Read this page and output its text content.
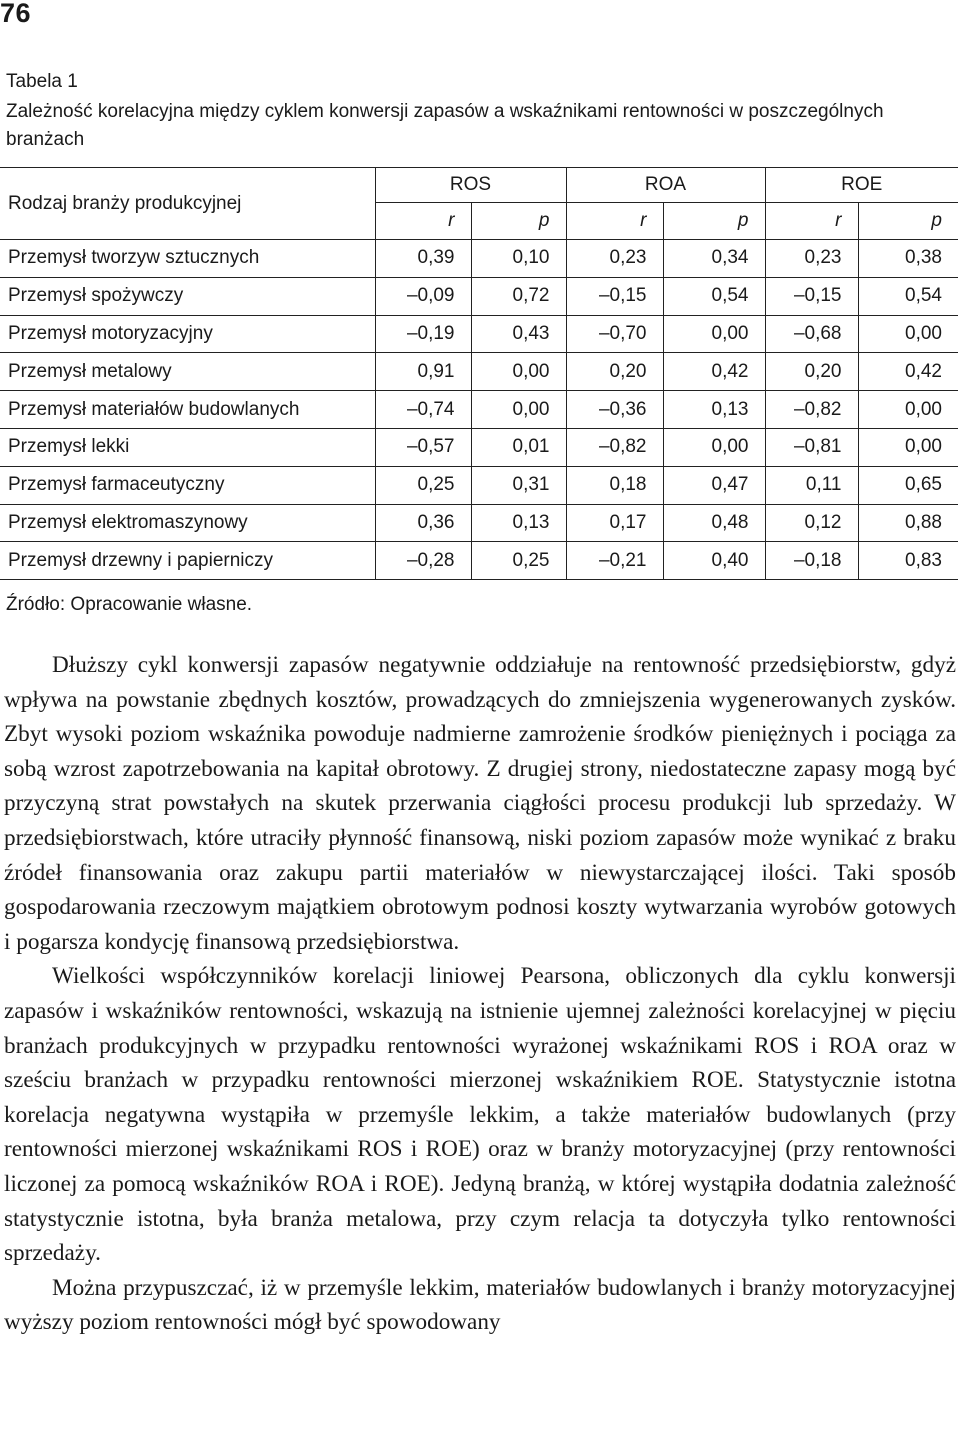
76
Tabela 1
Zależność korelacyjna między cyklem konwersji zapasów a wskaźnikami rentowności w poszczególnych branżach
Rodzaj branży produkcyjnej	ROS		ROA		ROE	
	r	p	r	p	r	p
Przemysł tworzyw sztucznych	0,39	0,10	0,23	0,34	0,23	0,38
Przemysł spożywczy	–0,09	0,72	–0,15	0,54	–0,15	0,54
Przemysł motoryzacyjny	–0,19	0,43	–0,70	0,00	–0,68	0,00
Przemysł metalowy	0,91	0,00	0,20	0,42	0,20	0,42
Przemysł materiałów budowlanych	–0,74	0,00	–0,36	0,13	–0,82	0,00
Przemysł lekki	–0,57	0,01	–0,82	0,00	–0,81	0,00
Przemysł farmaceutyczny	0,25	0,31	0,18	0,47	0,11	0,65
Przemysł elektromaszynowy	0,36	0,13	0,17	0,48	0,12	0,88
Przemysł drzewny i papierniczy	–0,28	0,25	–0,21	0,40	–0,18	0,83
Źródło: Opracowanie własne.

Dłuższy cykl konwersji zapasów negatywnie oddziałuje na rentowność przedsiębiorstw, gdyż wpływa na powstanie zbędnych kosztów, prowadzących do zmniejszenia wygenerowanych zysków. Zbyt wysoki poziom wskaźnika powoduje nadmierne zamrożenie środków pieniężnych i pociąga za sobą wzrost zapotrzebowania na kapitał obrotowy. Z drugiej strony, niedostateczne zapasy mogą być przyczyną strat powstałych na skutek przerwania ciągłości procesu produkcji lub sprzedaży. W przedsiębiorstwach, które utraciły płynność finansową, niski poziom zapasów może wynikać z braku źródeł finansowania oraz zakupu partii materiałów w niewystarczającej ilości. Taki sposób gospodarowania rzeczowym majątkiem obrotowym podnosi koszty wytwarzania wyrobów gotowych i pogarsza kondycję finansową przedsiębiorstwa.

Wielkości współczynników korelacji liniowej Pearsona, obliczonych dla cyklu konwersji zapasów i wskaźników rentowności, wskazują na istnienie ujemnej zależności korelacyjnej w pięciu branżach produkcyjnych w przypadku rentowności wyrażonej wskaźnikami ROS i ROA oraz w sześciu branżach w przypadku rentowności mierzonej wskaźnikiem ROE. Statystycznie istotna korelacja negatywna wystąpiła w przemyśle lekkim, a także materiałów budowlanych (przy rentowności mierzonej wskaźnikami ROS i ROE) oraz w branży motoryzacyjnej (przy rentowności liczonej za pomocą wskaźników ROA i ROE). Jedyną branżą, w której wystąpiła dodatnia zależność statystycznie istotna, była branża metalowa, przy czym relacja ta dotyczyła tylko rentowności sprzedaży.

Można przypuszczać, iż w przemyśle lekkim, materiałów budowlanych i branży motoryzacyjnej wyższy poziom rentowności mógł być spowodowany
